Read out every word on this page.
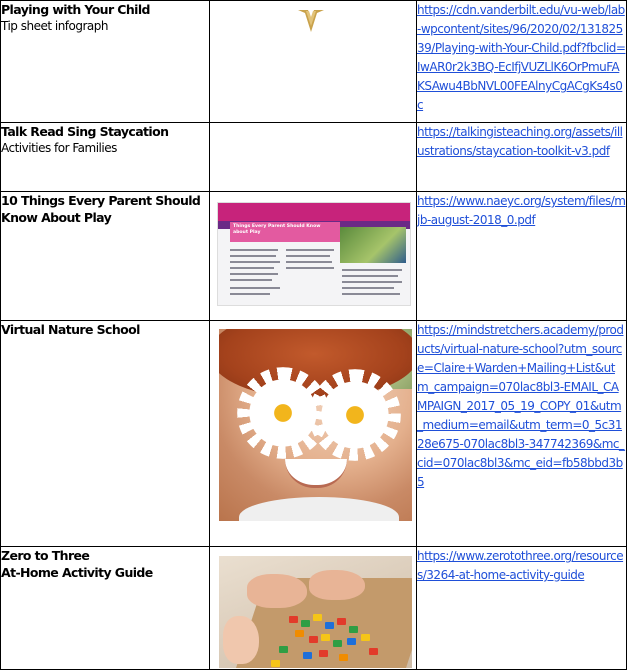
Playing with Your Child
Tip sheet infograph		https://cdn.vanderbilt.edu/vu-web/lab-wpcontent/sites/96/2020/02/13182539/Playing-with-Your-Child.pdf?fbclid=IwAR0r2k3BQ-EcIfjVUZLlK6OrPmuFAKSAwu4BbNVL00FEAlnyCgACgKs4s0c

Talk Read Sing Staycation
Activities for Families		https://talkingisteaching.org/assets/illustrations/staycation-toolkit-v3.pdf

10 Things Every Parent Should Know About Play	Things Every Parent Should Know about Play	https://www.naeyc.org/system/files/mjb-august-2018_0.pdf

Virtual Nature School		https://mindstretchers.academy/products/virtual-nature-school?utm_source=Claire+Warden+Mailing+List&utm_campaign=070lac8bl3-EMAIL_CAMPAIGN_2017_05_19_COPY_01&utm_medium=email&utm_term=0_5c3128e675-070lac8bl3-347742369&mc_cid=070lac8bl3&mc_eid=fb58bbd3b5

Zero to Three
At-Home Activity Guide		https://www.zerotothree.org/resources/3264-at-home-activity-guide
